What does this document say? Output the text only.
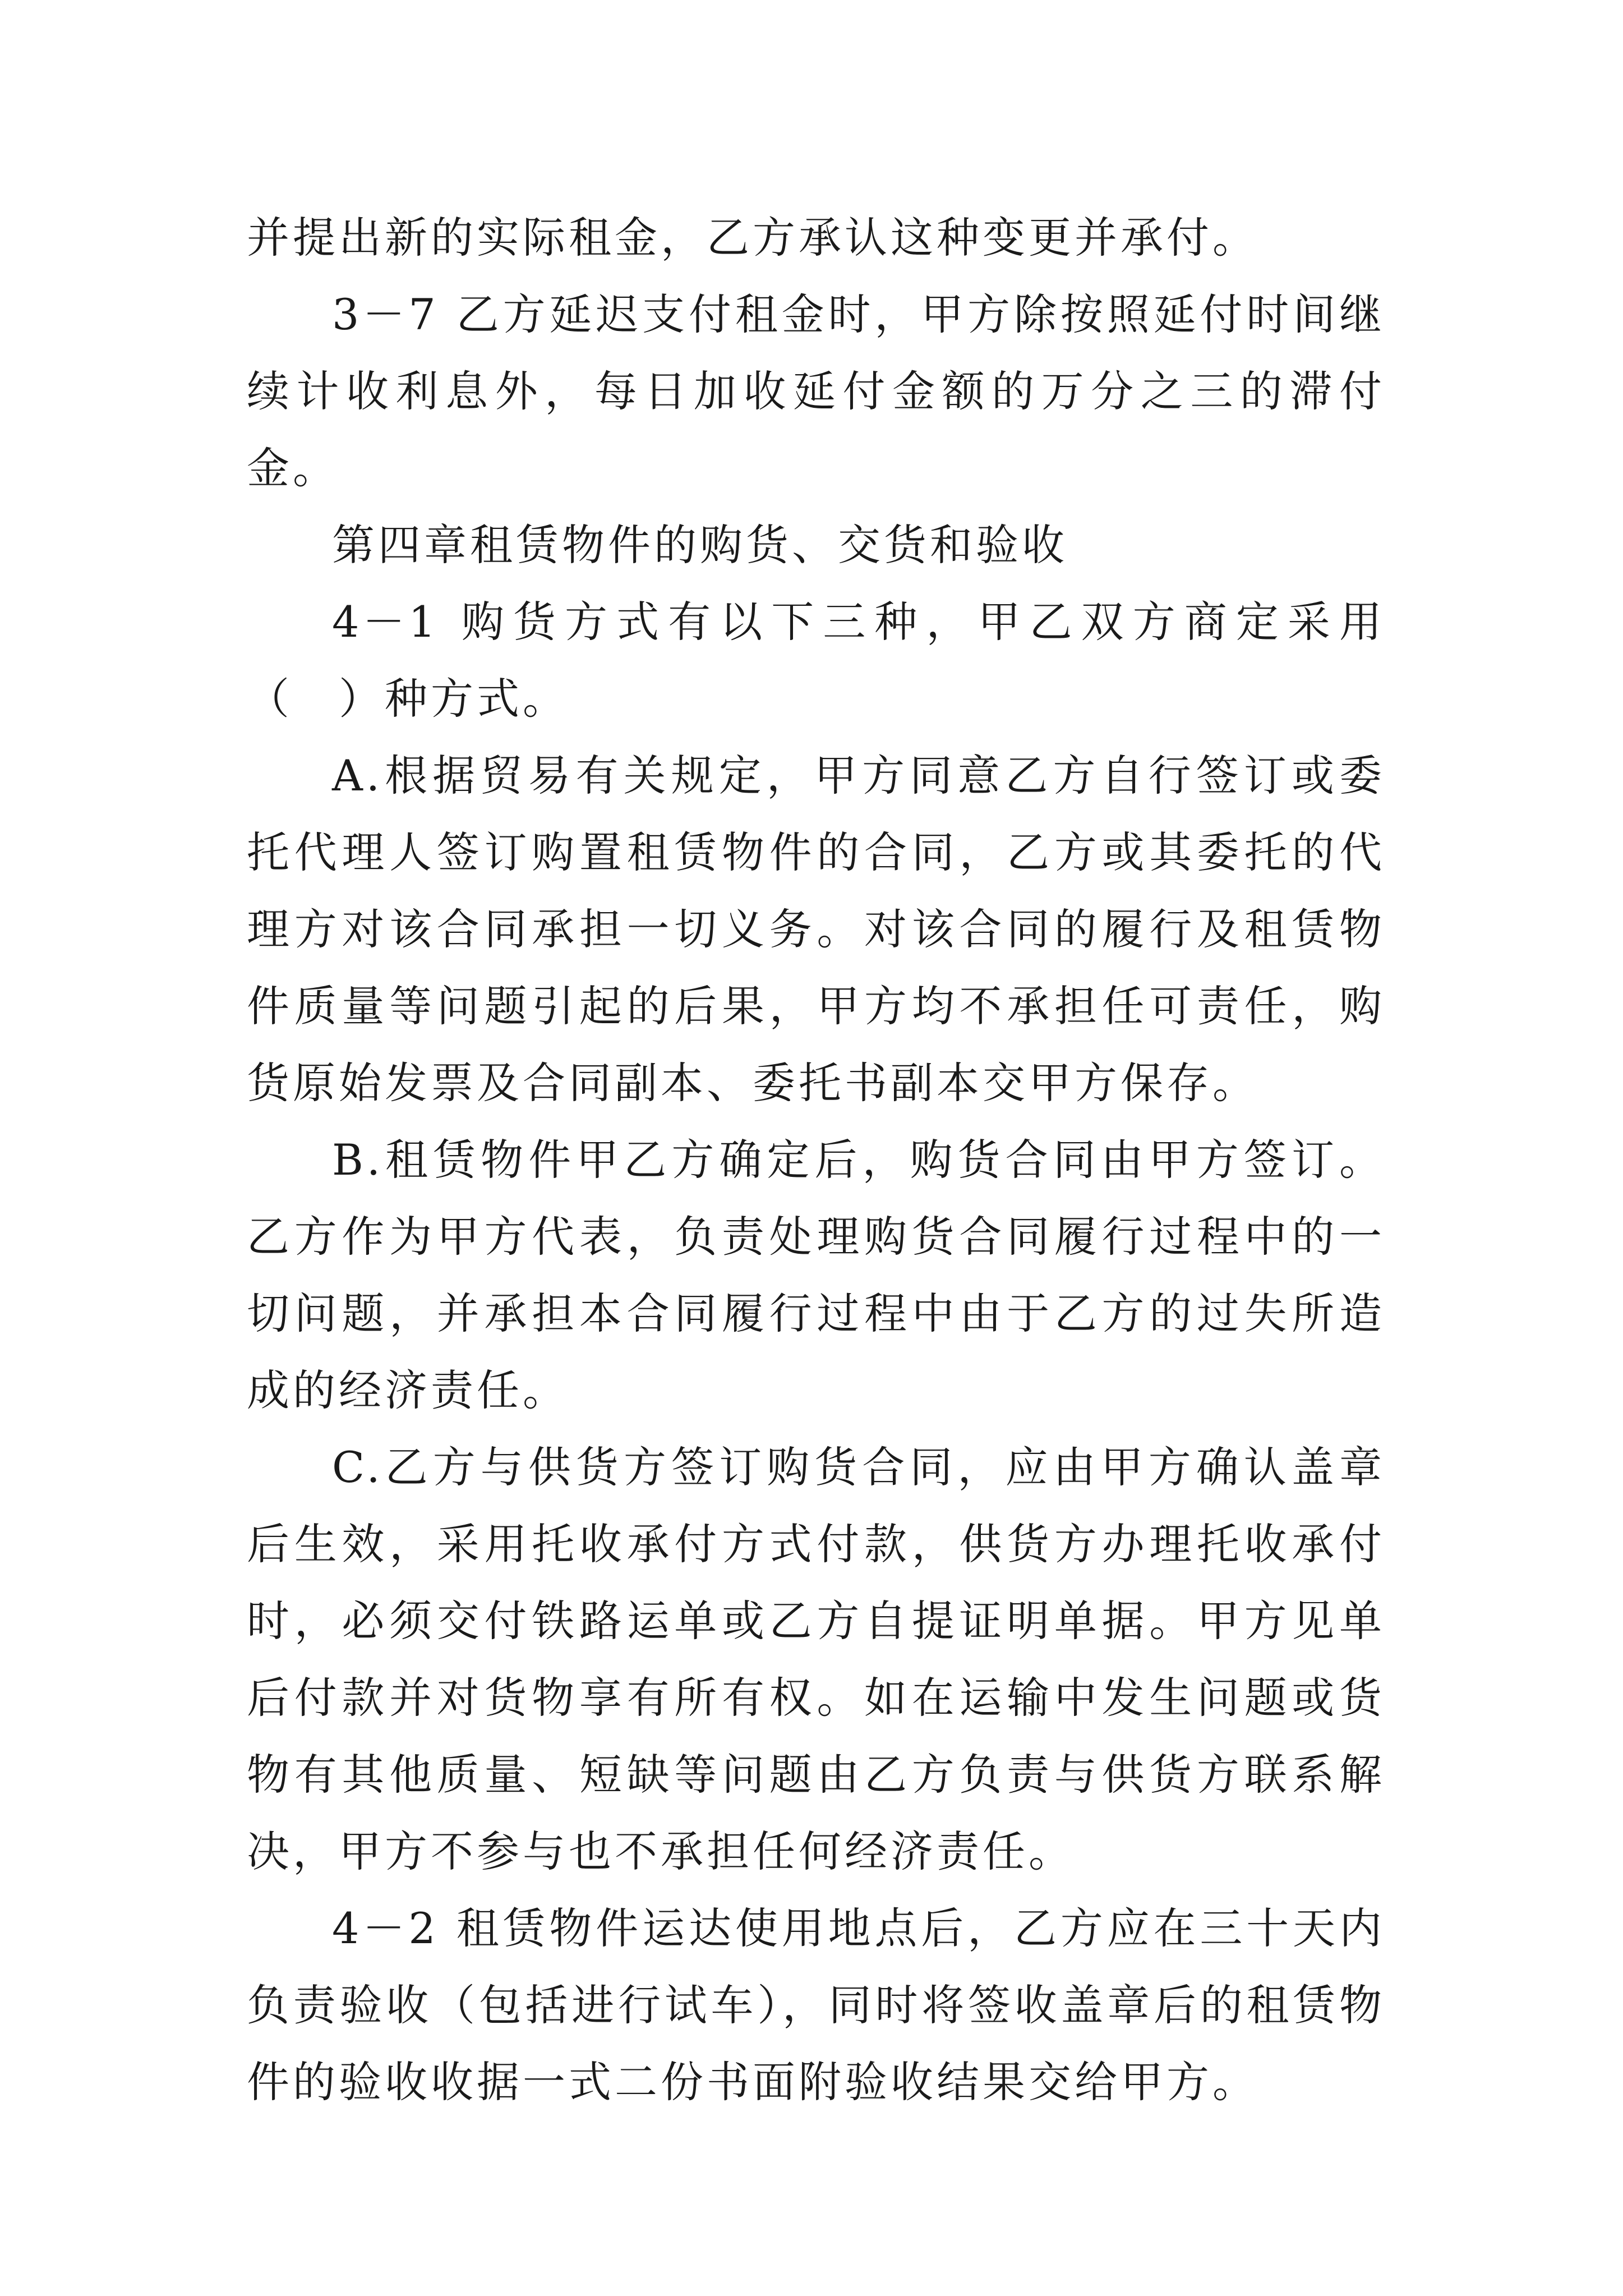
并提出新的实际租金，乙方承认这种变更并承付。

3－7 乙方延迟支付租金时，甲方除按照延付时间继续计收利息外，每日加收延付金额的万分之三的滞付金。

第四章租赁物件的购货、交货和验收

4－1 购货方式有以下三种，甲乙双方商定采用（　）种方式。

A.根据贸易有关规定，甲方同意乙方自行签订或委托代理人签订购置租赁物件的合同，乙方或其委托的代理方对该合同承担一切义务。对该合同的履行及租赁物件质量等问题引起的后果，甲方均不承担任可责任，购货原始发票及合同副本、委托书副本交甲方保存。

B.租赁物件甲乙方确定后，购货合同由甲方签订。乙方作为甲方代表，负责处理购货合同履行过程中的一切问题，并承担本合同履行过程中由于乙方的过失所造成的经济责任。

C.乙方与供货方签订购货合同，应由甲方确认盖章后生效，采用托收承付方式付款，供货方办理托收承付时，必须交付铁路运单或乙方自提证明单据。甲方见单后付款并对货物享有所有权。如在运输中发生问题或货物有其他质量、短缺等问题由乙方负责与供货方联系解决，甲方不参与也不承担任何经济责任。

4－2 租赁物件运达使用地点后，乙方应在三十天内负责验收（包括进行试车），同时将签收盖章后的租赁物件的验收收据一式二份书面附验收结果交给甲方。
